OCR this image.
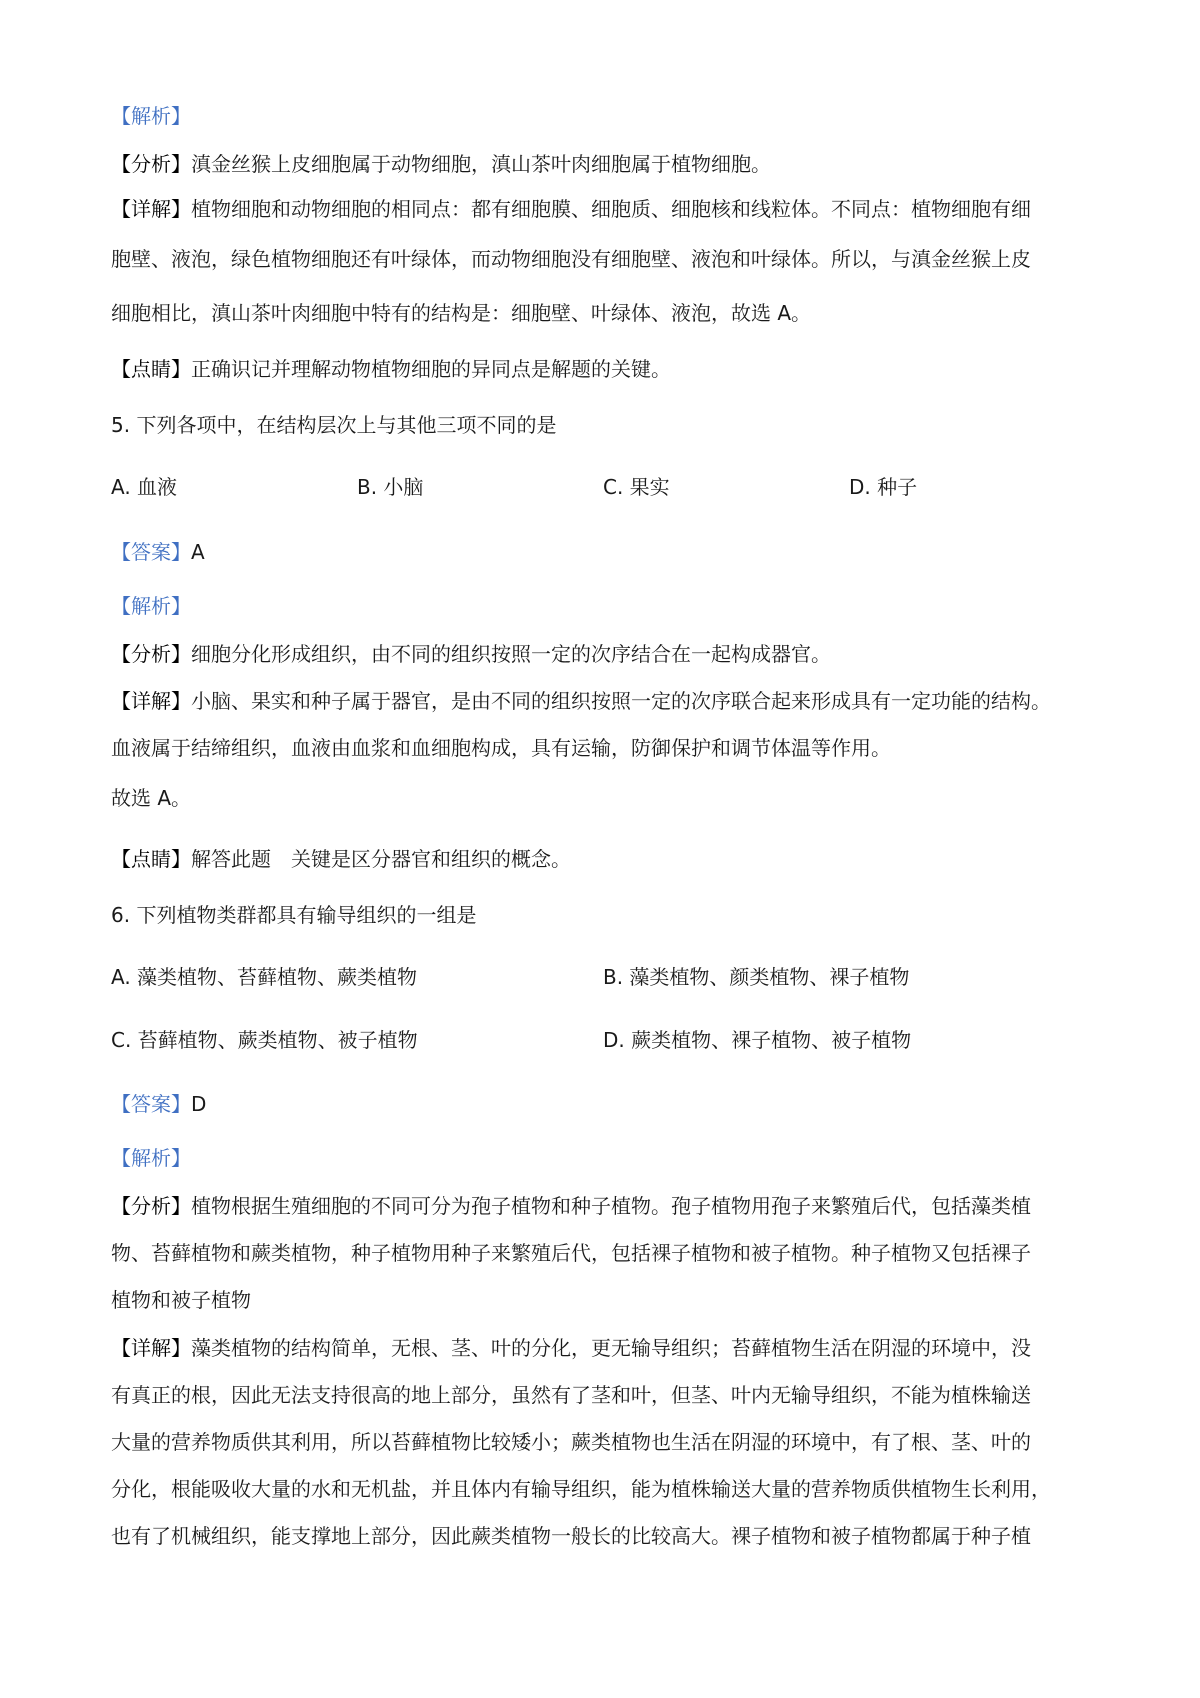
【解析】
【分析】滇金丝猴上皮细胞属于动物细胞，滇山茶叶肉细胞属于植物细胞。
【详解】植物细胞和动物细胞的相同点：都有细胞膜、细胞质、细胞核和线粒体。不同点：植物细胞有细
胞壁、液泡，绿色植物细胞还有叶绿体，而动物细胞没有细胞壁、液泡和叶绿体。所以，与滇金丝猴上皮
细胞相比，滇山茶叶肉细胞中特有的结构是：细胞壁、叶绿体、液泡，故选 A。
【点睛】正确识记并理解动物植物细胞的异同点是解题的关键。
5. 下列各项中，在结构层次上与其他三项不同的是
A. 血液	B. 小脑	C. 果实	D. 种子
【答案】A
【解析】
【分析】细胞分化形成组织，由不同的组织按照一定的次序结合在一起构成器官。
【详解】小脑、果实和种子属于器官，是由不同的组织按照一定的次序联合起来形成具有一定功能的结构。
血液属于结缔组织，血液由血浆和血细胞构成，具有运输，防御保护和调节体温等作用。
故选 A。
【点睛】解答此题　关键是区分器官和组织的概念。
6. 下列植物类群都具有输导组织的一组是
A. 藻类植物、苔藓植物、蕨类植物	B. 藻类植物、颜类植物、裸子植物
C. 苔藓植物、蕨类植物、被子植物	D. 蕨类植物、裸子植物、被子植物
【答案】D
【解析】
【分析】植物根据生殖细胞的不同可分为孢子植物和种子植物。孢子植物用孢子来繁殖后代，包括藻类植
物、苔藓植物和蕨类植物，种子植物用种子来繁殖后代，包括裸子植物和被子植物。种子植物又包括裸子
植物和被子植物
【详解】藻类植物的结构简单，无根、茎、叶的分化，更无输导组织；苔藓植物生活在阴湿的环境中，没
有真正的根，因此无法支持很高的地上部分，虽然有了茎和叶，但茎、叶内无输导组织，不能为植株输送
大量的营养物质供其利用，所以苔藓植物比较矮小；蕨类植物也生活在阴湿的环境中，有了根、茎、叶的
分化，根能吸收大量的水和无机盐，并且体内有输导组织，能为植株输送大量的营养物质供植物生长利用，
也有了机械组织，能支撑地上部分，因此蕨类植物一般长的比较高大。裸子植物和被子植物都属于种子植
